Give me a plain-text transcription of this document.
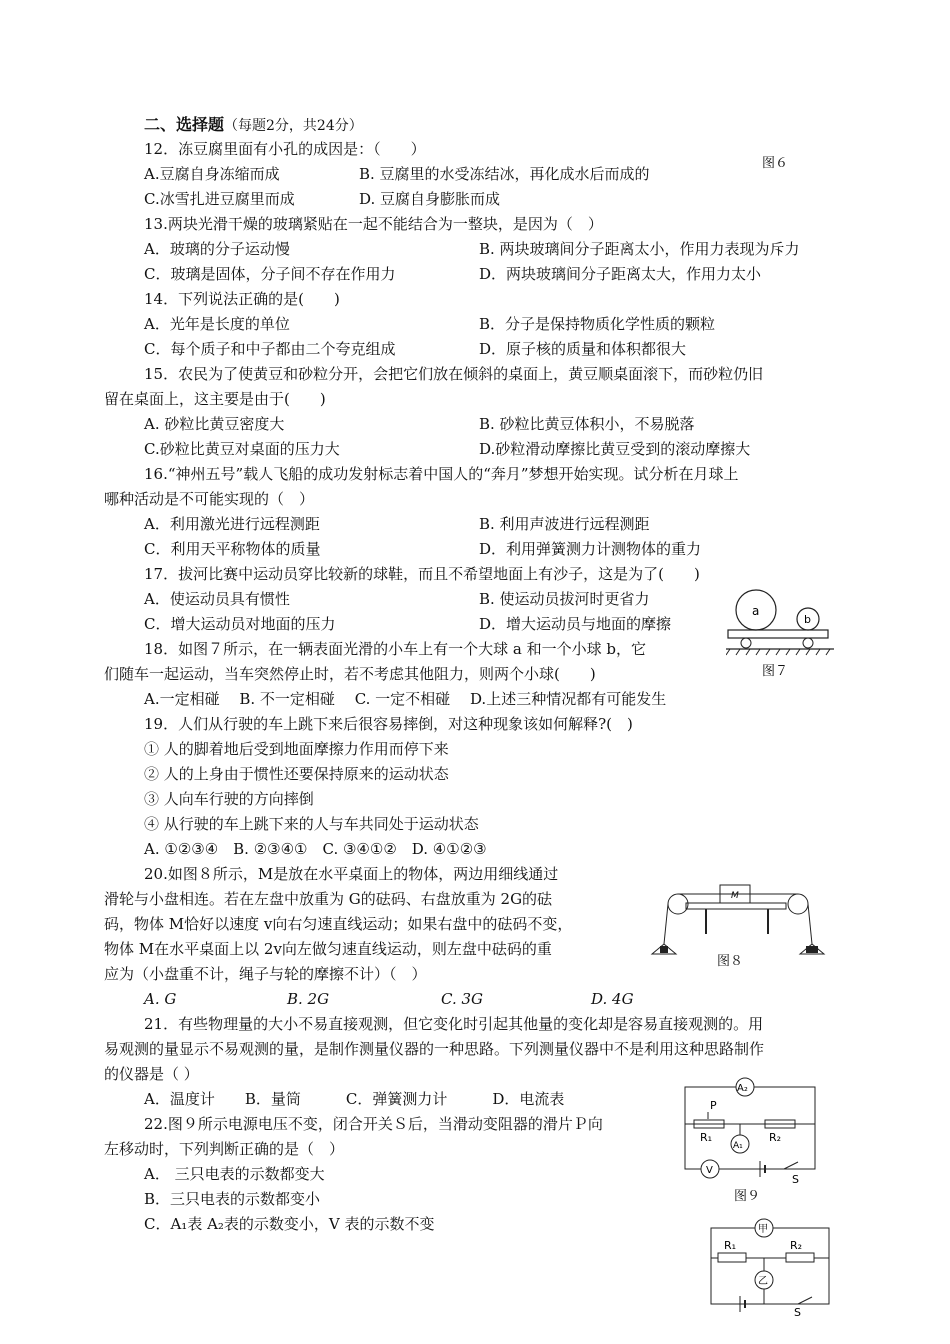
二、选择题（每题2分，共24分）
12．冻豆腐里面有小孔的成因是：（　　）
A.豆腐自身冻缩而成	B. 豆腐里的水受冻结冰，再化成水后而成的
C.冰雪扎进豆腐里而成	D. 豆腐自身膨胀而成
13.两块光滑干燥的玻璃紧贴在一起不能结合为一整块，是因为（　）
A．玻璃的分子运动慢	B. 两块玻璃间分子距离太小，作用力表现为斥力
C．玻璃是固体，分子间不存在作用力	D．两块玻璃间分子距离太大，作用力太小
14．下列说法正确的是(　　)
A．光年是长度的单位	B．分子是保持物质化学性质的颗粒
C．每个质子和中子都由二个夸克组成	D．原子核的质量和体积都很大
15．农民为了使黄豆和砂粒分开，会把它们放在倾斜的桌面上，黄豆顺桌面滚下，而砂粒仍旧
留在桌面上，这主要是由于(　　)
A. 砂粒比黄豆密度大	B. 砂粒比黄豆体积小，不易脱落
C.砂粒比黄豆对桌面的压力大	D.砂粒滑动摩擦比黄豆受到的滚动摩擦大
16.“神州五号”载人飞船的成功发射标志着中国人的“奔月”梦想开始实现。试分析在月球上
哪种活动是不可能实现的（　）
A．利用激光进行远程测距	B. 利用声波进行远程测距
C．利用天平称物体的质量	D．利用弹簧测力计测物体的重力
17．拔河比赛中运动员穿比较新的球鞋，而且不希望地面上有沙子，这是为了(　　)
A．使运动员具有惯性	B. 使运动员拔河时更省力
C．增大运动员对地面的压力	D．增大运动员与地面的摩擦
18．如图７所示，在一辆表面光滑的小车上有一个大球 a 和一个小球 b，它
们随车一起运动，当车突然停止时，若不考虑其他阻力，则两个小球(　　)
A.一定相碰　 B. 不一定相碰　 C. 一定不相碰　 D.上述三种情况都有可能发生
19．人们从行驶的车上跳下来后很容易摔倒，对这种现象该如何解释?(　)
① 人的脚着地后受到地面摩擦力作用而停下来
② 人的上身由于惯性还要保持原来的运动状态
③ 人向车行驶的方向摔倒
④ 从行驶的车上跳下来的人与车共同处于运动状态
A. ①②③④　B. ②③④①　C. ③④①②　D. ④①②③
20.如图８所示，M是放在水平桌面上的物体，两边用细线通过
滑轮与小盘相连。若在左盘中放重为 G的砝码、右盘放重为 2G的砝
码，物体 M恰好以速度 v向右匀速直线运动；如果右盘中的砝码不变，
物体 M在水平桌面上以 2v向左做匀速直线运动，则左盘中砝码的重
应为（小盘重不计，绳子与轮的摩擦不计）（　）
A. G	B. 2G	C. 3G	D. 4G
21．有些物理量的大小不易直接观测，但它变化时引起其他量的变化却是容易直接观测的。用
易观测的量显示不易观测的量，是制作测量仪器的一种思路。下列测量仪器中不是利用这种思路制作
的仪器是（ ）
A．温度计　　B．量筒　　　C．弹簧测力计　　　D．电流表
22.图９所示电源电压不变，闭合开关Ｓ后，当滑动变阻器的滑片Ｐ向
左移动时，下列判断正确的是（　）
A． 三只电表的示数都变大
B．三只电表的示数都变小
C．A₁表 A₂表的示数变小，V 表的示数不变
图６
a
b
图７
M
图８
A₂
P
R₁	R₂
A₁
V
S
图９
甲
R₁	R₂
乙
S
